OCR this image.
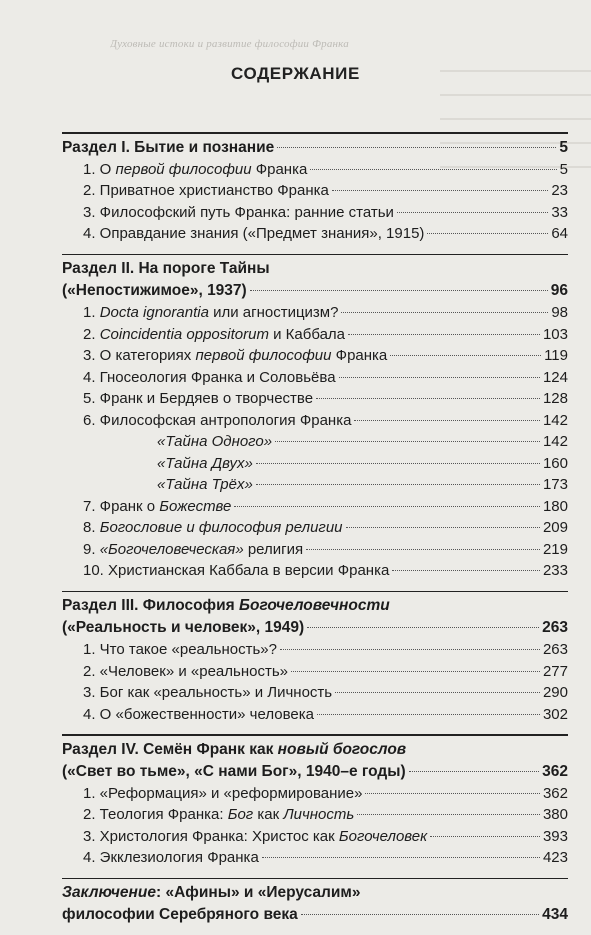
Духовные истоки и развитие философии Франка
СОДЕРЖАНИЕ
Раздел I. Бытие и познание	5
1. О первой философии Франка	5
2. Приватное христианство Франка	23
3. Философский путь Франка: ранние статьи	33
4. Оправдание знания («Предмет знания», 1915)	64
Раздел II. На пороге Тайны
(«Непостижимое», 1937)	96
1. Docta ignorantia или агностицизм?	98
2. Coincidentia oppositorum и Каббала	103
3. О категориях первой философии Франка	119
4. Гносеология Франка и Соловьёва	124
5. Франк и Бердяев о творчестве	128
6. Философская антропология Франка	142
«Тайна Одного»	142
«Тайна Двух»	160
«Тайна Трёх»	173
7. Франк о Божестве	180
8. Богословие и философия религии	209
9. «Богочеловеческая» религия	219
10. Христианская Каббала в версии Франка	233
Раздел III. Философия Богочеловечности
(«Реальность и человек», 1949)	263
1. Что такое «реальность»?	263
2. «Человек» и «реальность»	277
3. Бог как «реальность» и Личность	290
4. О «божественности» человека	302
Раздел IV. Семён Франк как новый богослов
(«Свет во тьме», «С нами Бог», 1940–е годы)	362
1. «Реформация» и «реформирование»	362
2. Теология Франка: Бог как Личность	380
3. Христология Франка: Христос как Богочеловек	393
4. Экклезиология Франка	423
Заключение: «Афины» и «Иерусалим»
философии Серебряного века	434
